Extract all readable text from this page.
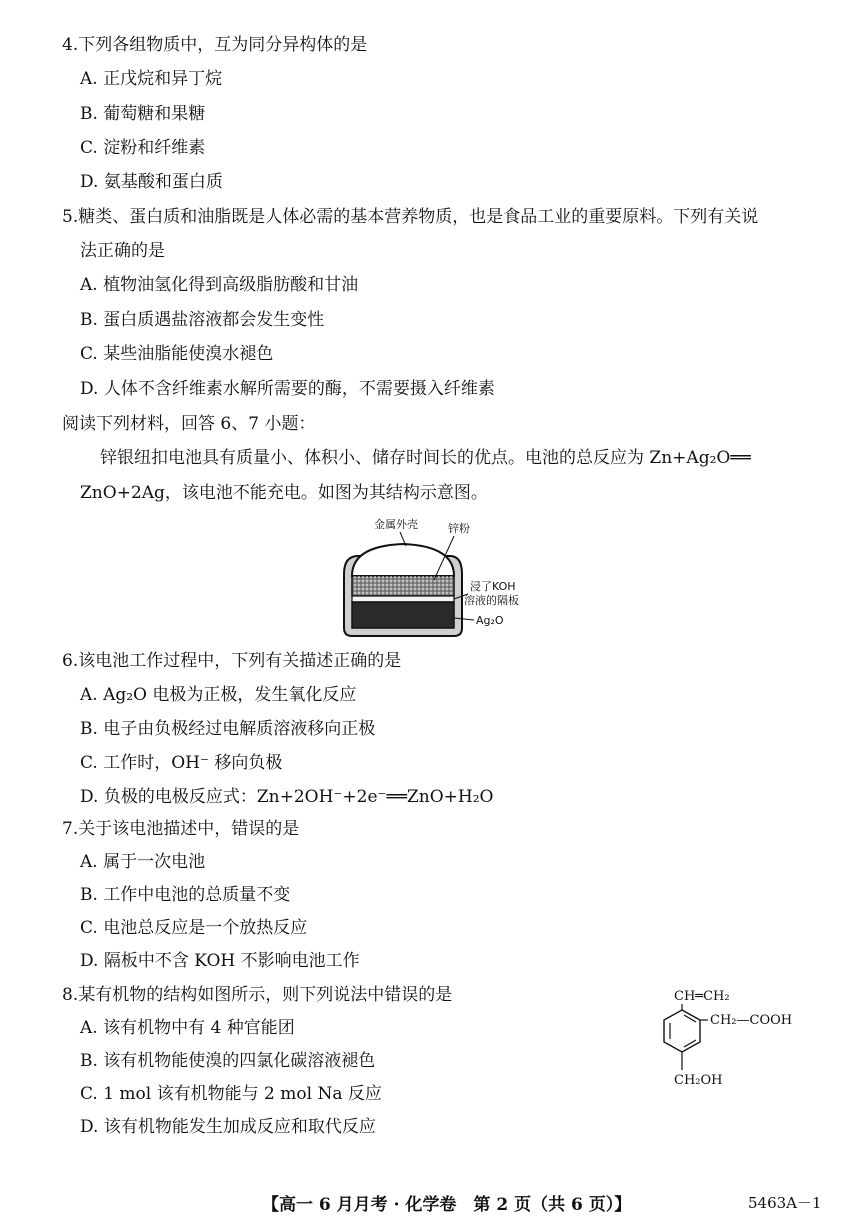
4.下列各组物质中，互为同分异构体的是
A. 正戊烷和异丁烷
B. 葡萄糖和果糖
C. 淀粉和纤维素
D. 氨基酸和蛋白质
5.糖类、蛋白质和油脂既是人体必需的基本营养物质，也是食品工业的重要原料。下列有关说
法正确的是
A. 植物油氢化得到高级脂肪酸和甘油
B. 蛋白质遇盐溶液都会发生变性
C. 某些油脂能使溴水褪色
D. 人体不含纤维素水解所需要的酶，不需要摄入纤维素
阅读下列材料，回答 6、7 小题：
锌银纽扣电池具有质量小、体积小、储存时间长的优点。电池的总反应为 Zn+Ag₂O══
ZnO+2Ag，该电池不能充电。如图为其结构示意图。
金属外壳	锌粉
浸了KOH
溶液的隔板
Ag₂O
6.该电池工作过程中，下列有关描述正确的是
A. Ag₂O 电极为正极，发生氧化反应
B. 电子由负极经过电解质溶液移向正极
C. 工作时，OH⁻ 移向负极
D. 负极的电极反应式：Zn+2OH⁻+2e⁻══ZnO+H₂O
7.关于该电池描述中，错误的是
A. 属于一次电池
B. 工作中电池的总质量不变
C. 电池总反应是一个放热反应
D. 隔板中不含 KOH 不影响电池工作
8.某有机物的结构如图所示，则下列说法中错误的是
A. 该有机物中有 4 种官能团
B. 该有机物能使溴的四氯化碳溶液褪色
C. 1 mol 该有机物能与 2 mol Na 反应
D. 该有机物能发生加成反应和取代反应
CH═CH₂
CH₂—COOH
CH₂OH
【高一 6 月月考 · 化学卷　第 2 页（共 6 页）】	5463A－1
